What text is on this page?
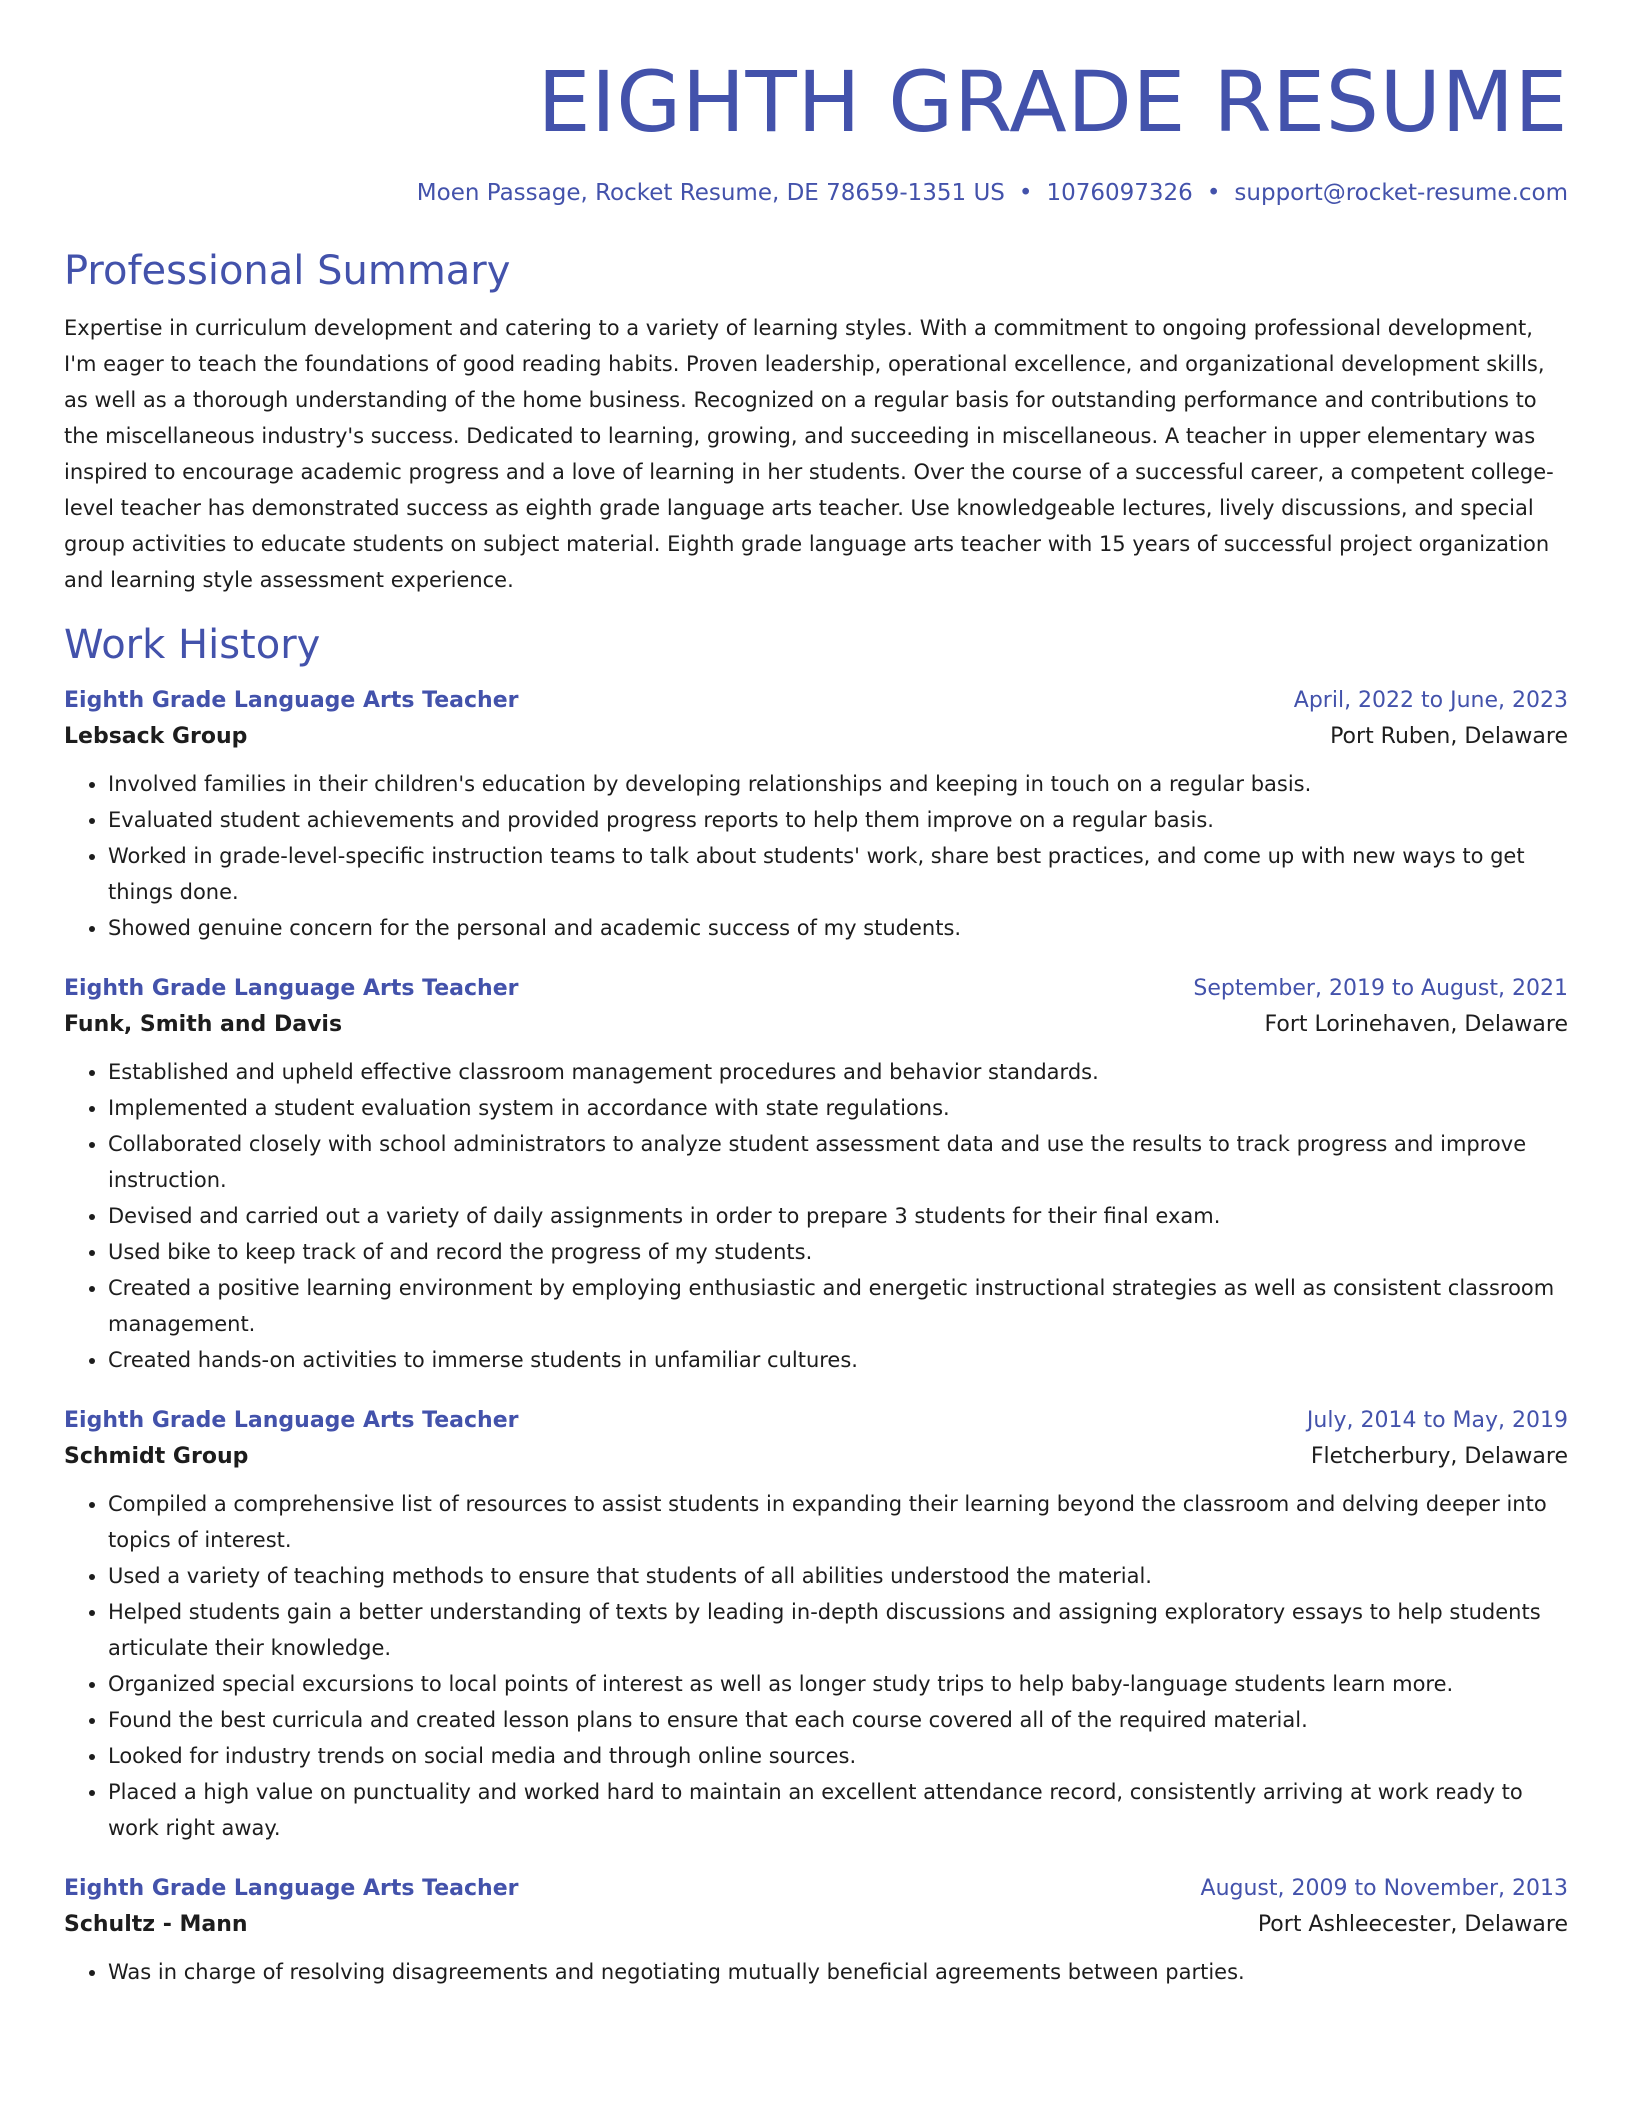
EIGHTH GRADE RESUME
Moen Passage, Rocket Resume, DE 78659-1351 US • 1076097326 • support@rocket-resume.com
Professional Summary
Expertise in curriculum development and catering to a variety of learning styles. With a commitment to ongoing professional development, I'm eager to teach the foundations of good reading habits. Proven leadership, operational excellence, and organizational development skills, as well as a thorough understanding of the home business. Recognized on a regular basis for outstanding performance and contributions to the miscellaneous industry's success. Dedicated to learning, growing, and succeeding in miscellaneous. A teacher in upper elementary was inspired to encourage academic progress and a love of learning in her students. Over the course of a successful career, a competent college-level teacher has demonstrated success as eighth grade language arts teacher. Use knowledgeable lectures, lively discussions, and special group activities to educate students on subject material. Eighth grade language arts teacher with 15 years of successful project organization and learning style assessment experience.
Work History
Eighth Grade Language Arts Teacher	April, 2022 to June, 2023
Lebsack Group	Port Ruben, Delaware
• Involved families in their children's education by developing relationships and keeping in touch on a regular basis.
• Evaluated student achievements and provided progress reports to help them improve on a regular basis.
• Worked in grade-level-specific instruction teams to talk about students' work, share best practices, and come up with new ways to get things done.
• Showed genuine concern for the personal and academic success of my students.
Eighth Grade Language Arts Teacher	September, 2019 to August, 2021
Funk, Smith and Davis	Fort Lorinehaven, Delaware
• Established and upheld effective classroom management procedures and behavior standards.
• Implemented a student evaluation system in accordance with state regulations.
• Collaborated closely with school administrators to analyze student assessment data and use the results to track progress and improve instruction.
• Devised and carried out a variety of daily assignments in order to prepare 3 students for their final exam.
• Used bike to keep track of and record the progress of my students.
• Created a positive learning environment by employing enthusiastic and energetic instructional strategies as well as consistent classroom management.
• Created hands-on activities to immerse students in unfamiliar cultures.
Eighth Grade Language Arts Teacher	July, 2014 to May, 2019
Schmidt Group	Fletcherbury, Delaware
• Compiled a comprehensive list of resources to assist students in expanding their learning beyond the classroom and delving deeper into topics of interest.
• Used a variety of teaching methods to ensure that students of all abilities understood the material.
• Helped students gain a better understanding of texts by leading in-depth discussions and assigning exploratory essays to help students articulate their knowledge.
• Organized special excursions to local points of interest as well as longer study trips to help baby-language students learn more.
• Found the best curricula and created lesson plans to ensure that each course covered all of the required material.
• Looked for industry trends on social media and through online sources.
• Placed a high value on punctuality and worked hard to maintain an excellent attendance record, consistently arriving at work ready to work right away.
Eighth Grade Language Arts Teacher	August, 2009 to November, 2013
Schultz - Mann	Port Ashleecester, Delaware
• Was in charge of resolving disagreements and negotiating mutually beneficial agreements between parties.
